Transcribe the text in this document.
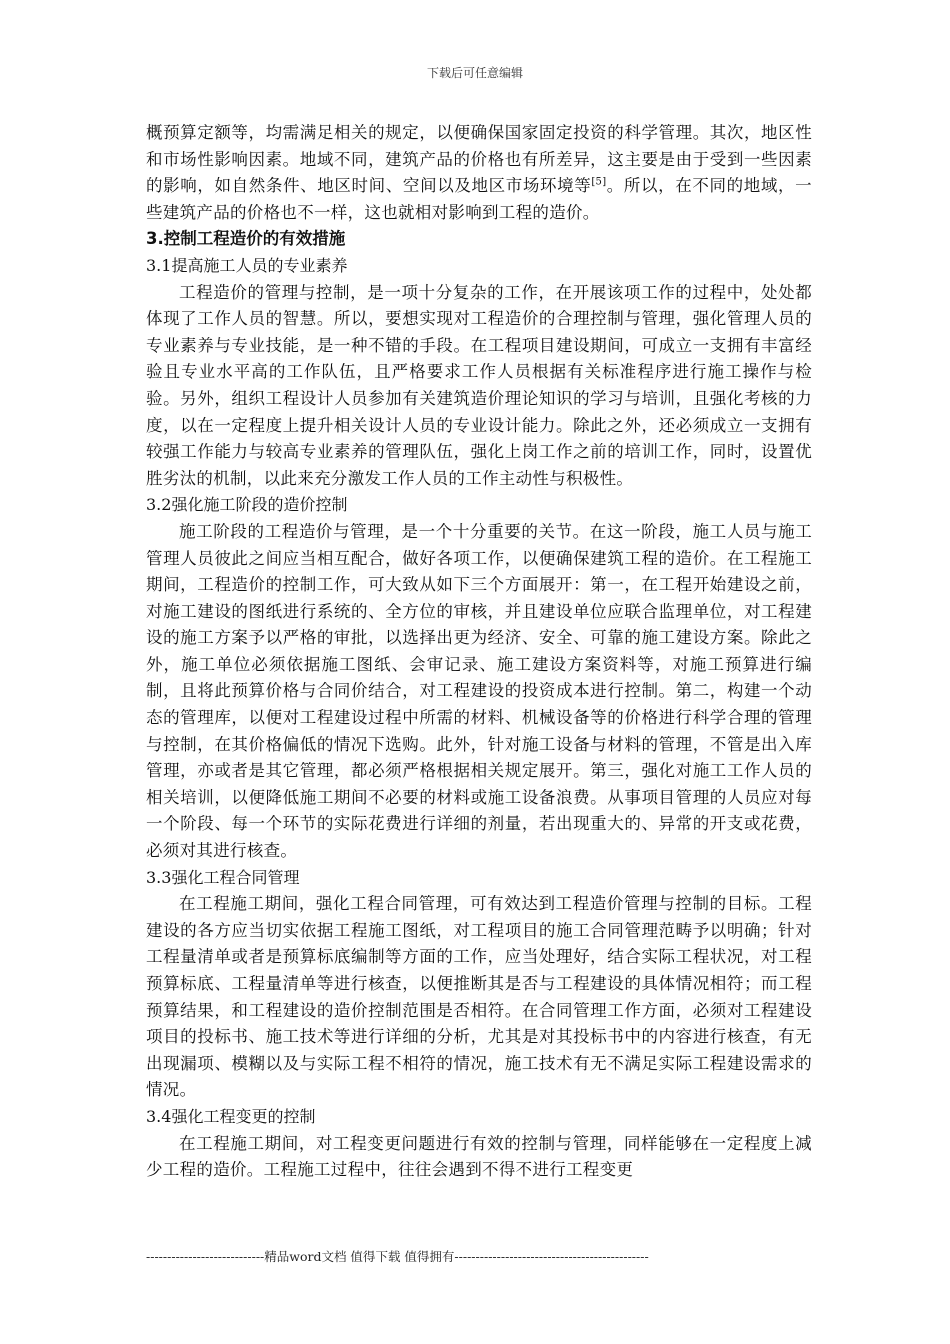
下载后可任意编辑

概预算定额等，均需满足相关的规定，以便确保国家固定投资的科学管理。其次，地区性和市场性影响因素。地域不同，建筑产品的价格也有所差异，这主要是由于受到一些因素的影响，如自然条件、地区时间、空间以及地区市场环境等[5]。所以，在不同的地域，一些建筑产品的价格也不一样，这也就相对影响到工程的造价。

3.控制工程造价的有效措施

3.1提高施工人员的专业素养

工程造价的管理与控制，是一项十分复杂的工作，在开展该项工作的过程中，处处都体现了工作人员的智慧。所以，要想实现对工程造价的合理控制与管理，强化管理人员的专业素养与专业技能，是一种不错的手段。在工程项目建设期间，可成立一支拥有丰富经验且专业水平高的工作队伍，且严格要求工作人员根据有关标准程序进行施工操作与检验。另外，组织工程设计人员参加有关建筑造价理论知识的学习与培训，且强化考核的力度，以在一定程度上提升相关设计人员的专业设计能力。除此之外，还必须成立一支拥有较强工作能力与较高专业素养的管理队伍，强化上岗工作之前的培训工作，同时，设置优胜劣汰的机制，以此来充分激发工作人员的工作主动性与积极性。

3.2强化施工阶段的造价控制

施工阶段的工程造价与管理，是一个十分重要的关节。在这一阶段，施工人员与施工管理人员彼此之间应当相互配合，做好各项工作，以便确保建筑工程的造价。在工程施工期间，工程造价的控制工作，可大致从如下三个方面展开：第一，在工程开始建设之前，对施工建设的图纸进行系统的、全方位的审核，并且建设单位应联合监理单位，对工程建设的施工方案予以严格的审批，以选择出更为经济、安全、可靠的施工建设方案。除此之外，施工单位必须依据施工图纸、会审记录、施工建设方案资料等，对施工预算进行编制，且将此预算价格与合同价结合，对工程建设的投资成本进行控制。第二，构建一个动态的管理库，以便对工程建设过程中所需的材料、机械设备等的价格进行科学合理的管理与控制，在其价格偏低的情况下选购。此外，针对施工设备与材料的管理，不管是出入库管理，亦或者是其它管理，都必须严格根据相关规定展开。第三，强化对施工工作人员的相关培训，以便降低施工期间不必要的材料或施工设备浪费。从事项目管理的人员应对每一个阶段、每一个环节的实际花费进行详细的剂量，若出现重大的、异常的开支或花费，必须对其进行核查。

3.3强化工程合同管理

在工程施工期间，强化工程合同管理，可有效达到工程造价管理与控制的目标。工程建设的各方应当切实依据工程施工图纸，对工程项目的施工合同管理范畴予以明确；针对工程量清单或者是预算标底编制等方面的工作，应当处理好，结合实际工程状况，对工程预算标底、工程量清单等进行核查，以便推断其是否与工程建设的具体情况相符；而工程预算结果，和工程建设的造价控制范围是否相符。在合同管理工作方面，必须对工程建设项目的投标书、施工技术等进行详细的分析，尤其是对其投标书中的内容进行核查，有无出现漏项、模糊以及与实际工程不相符的情况，施工技术有无不满足实际工程建设需求的情况。

3.4强化工程变更的控制

在工程施工期间，对工程变更问题进行有效的控制与管理，同样能够在一定程度上减少工程的造价。工程施工过程中，往往会遇到不得不进行工程变更

----------------------------精品word文档 值得下载 值得拥有----------------------------------------------
